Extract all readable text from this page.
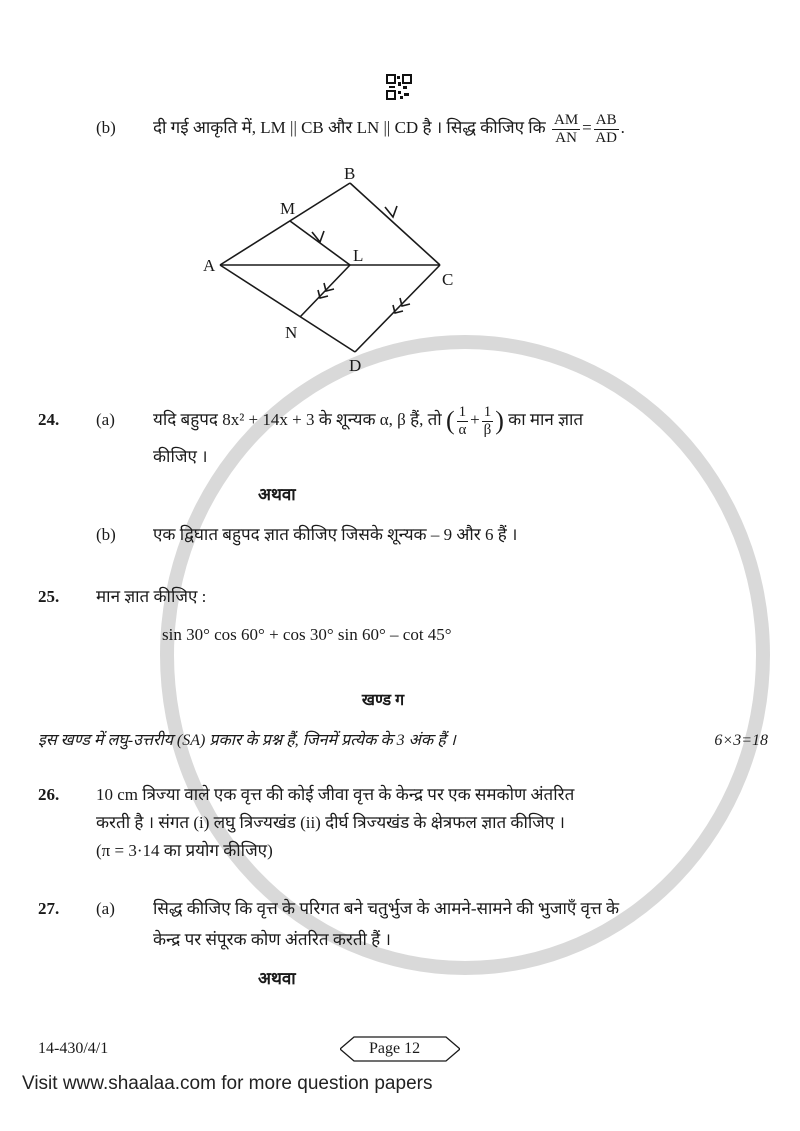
(b)	दी गई आकृति में, LM || CB और LN || CD है । सिद्ध कीजिए कि $\frac{AM}{AN} = \frac{AB}{AD}$ .
B
M
A
L
C
N
D
24.	(a)	यदि बहुपद 8x² + 14x + 3 के शून्यक α, β हैं, तो ( $\frac{1}{\alpha} + \frac{1}{\beta}$ ) का मान ज्ञात
कीजिए ।
अथवा
(b)	एक द्विघात बहुपद ज्ञात कीजिए जिसके शून्यक – 9 और 6 हैं ।
25.	मान ज्ञात कीजिए :
sin 30° cos 60° + cos 30° sin 60° – cot 45°
खण्ड ग
इस खण्ड में लघु-उत्तरीय (SA) प्रकार के प्रश्न हैं, जिनमें प्रत्येक के 3 अंक हैं ।	6×3=18
26.	10 cm त्रिज्या वाले एक वृत्त की कोई जीवा वृत्त के केन्द्र पर एक समकोण अंतरित
करती है । संगत (i) लघु त्रिज्यखंड (ii) दीर्घ त्रिज्यखंड के क्षेत्रफल ज्ञात कीजिए ।
(π = 3·14 का प्रयोग कीजिए)
27.	(a)	सिद्ध कीजिए कि वृत्त के परिगत बने चतुर्भुज के आमने-सामने की भुजाएँ वृत्त के
केन्द्र पर संपूरक कोण अंतरित करती हैं ।
अथवा
14-430/4/1	Page 12
Visit www.shaalaa.com for more question papers
